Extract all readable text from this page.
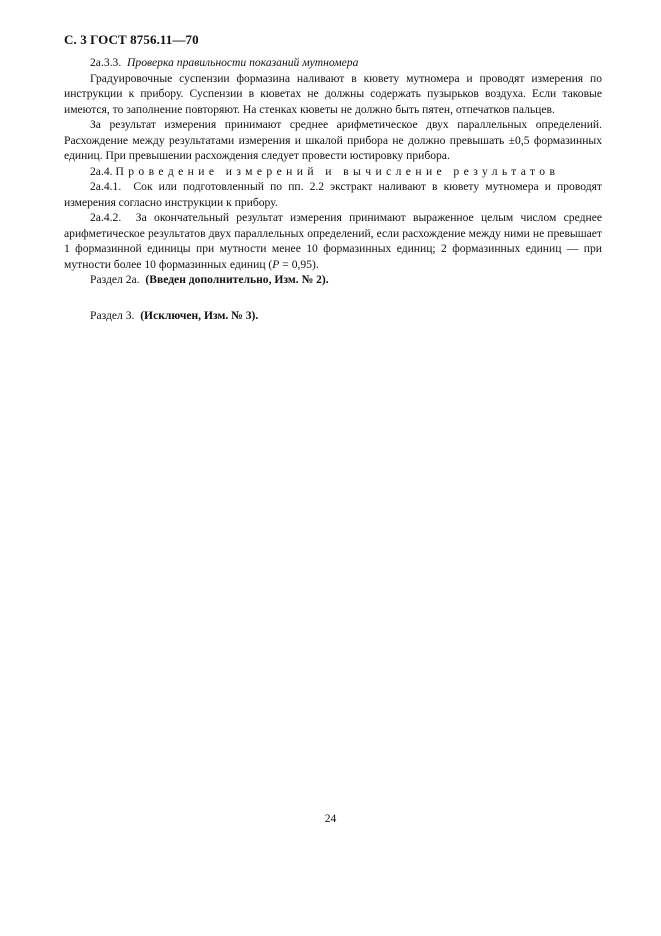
С. 3 ГОСТ 8756.11—70

2а.3.3. Проверка правильности показаний мутномера

Градуировочные суспензии формазина наливают в кювету мутномера и проводят измерения по инструкции к прибору. Суспензии в кюветах не должны содержать пузырьков воздуха. Если таковые имеются, то заполнение повторяют. На стенках кюветы не должно быть пятен, отпечатков пальцев.

За результат измерения принимают среднее арифметическое двух параллельных определений. Расхождение между результатами измерения и шкалой прибора не должно превышать ±0,5 формазинных единиц. При превышении расхождения следует провести юстировку прибора.

2а.4. Проведение измерений и вычисление результатов

2а.4.1. Сок или подготовленный по пп. 2.2 экстракт наливают в кювету мутномера и проводят измерения согласно инструкции к прибору.

2а.4.2. За окончательный результат измерения принимают выраженное целым числом среднее арифметическое результатов двух параллельных определений, если расхождение между ними не превышает 1 формазинной единицы при мутности менее 10 формазинных единиц; 2 формазинных единиц — при мутности более 10 формазинных единиц (P = 0,95).

Раздел 2а. (Введен дополнительно, Изм. № 2).

Раздел 3. (Исключен, Изм. № 3).

24
